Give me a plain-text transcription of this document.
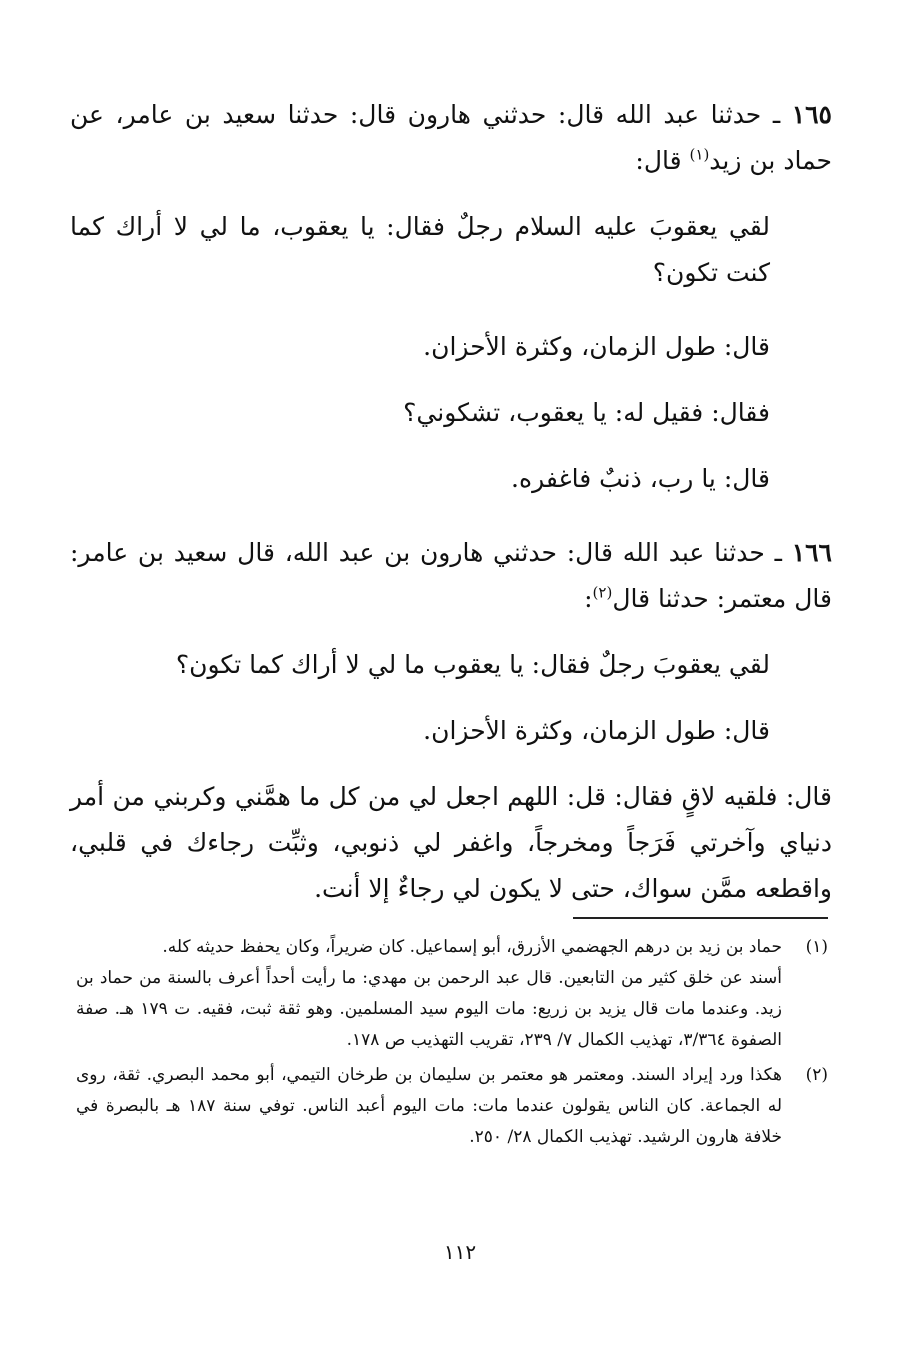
١٦٥ ـ حدثنا عبد الله قال: حدثني هارون قال: حدثنا سعيد بن عامر، عن حماد بن زيد$^{(١)}$ قال:

لقي يعقوبَ عليه السلام رجلٌ فقال: يا يعقوب، ما لي لا أراك كما كنت تكون؟

قال: طول الزمان، وكثرة الأحزان.

فقال: فقيل له: يا يعقوب، تشكوني؟

قال: يا رب، ذنبٌ فاغفره.

١٦٦ ـ حدثنا عبد الله قال: حدثني هارون بن عبد الله، قال سعيد بن عامر: قال معتمر: حدثنا قال$^{(٢)}$:

لقي يعقوبَ رجلٌ فقال: يا يعقوب ما لي لا أراك كما تكون؟

قال: طول الزمان، وكثرة الأحزان.

قال: فلقيه لاقٍ فقال: قل: اللهم اجعل لي من كل ما همَّني وكربني من أمر دنياي وآخرتي فَرَجاً ومخرجاً، واغفر لي ذنوبي، وثبِّت رجاءك في قلبي، واقطعه ممَّن سواك، حتى لا يكون لي رجاءٌ إلا أنت.

(١)

حماد بن زيد بن درهم الجهضمي الأزرق، أبو إسماعيل. كان ضريراً، وكان يحفظ حديثه كله.

أسند عن خلق كثير من التابعين. قال عبد الرحمن بن مهدي: ما رأيت أحداً أعرف بالسنة من حماد بن زيد. وعندما مات قال يزيد بن زريع: مات اليوم سيد المسلمين. وهو ثقة ثبت، فقيه. ت ١٧٩ هـ. صفة الصفوة ٣/٣٦٤، تهذيب الكمال ٧/ ٢٣٩، تقريب التهذيب ص ١٧٨.

(٢)

هكذا ورد إيراد السند. ومعتمر هو معتمر بن سليمان بن طرخان التيمي، أبو محمد البصري. ثقة، روى له الجماعة. كان الناس يقولون عندما مات: مات اليوم أعبد الناس. توفي سنة ١٨٧ هـ بالبصرة في خلافة هارون الرشيد. تهذيب الكمال ٢٨/ ٢٥٠.

١١٢
